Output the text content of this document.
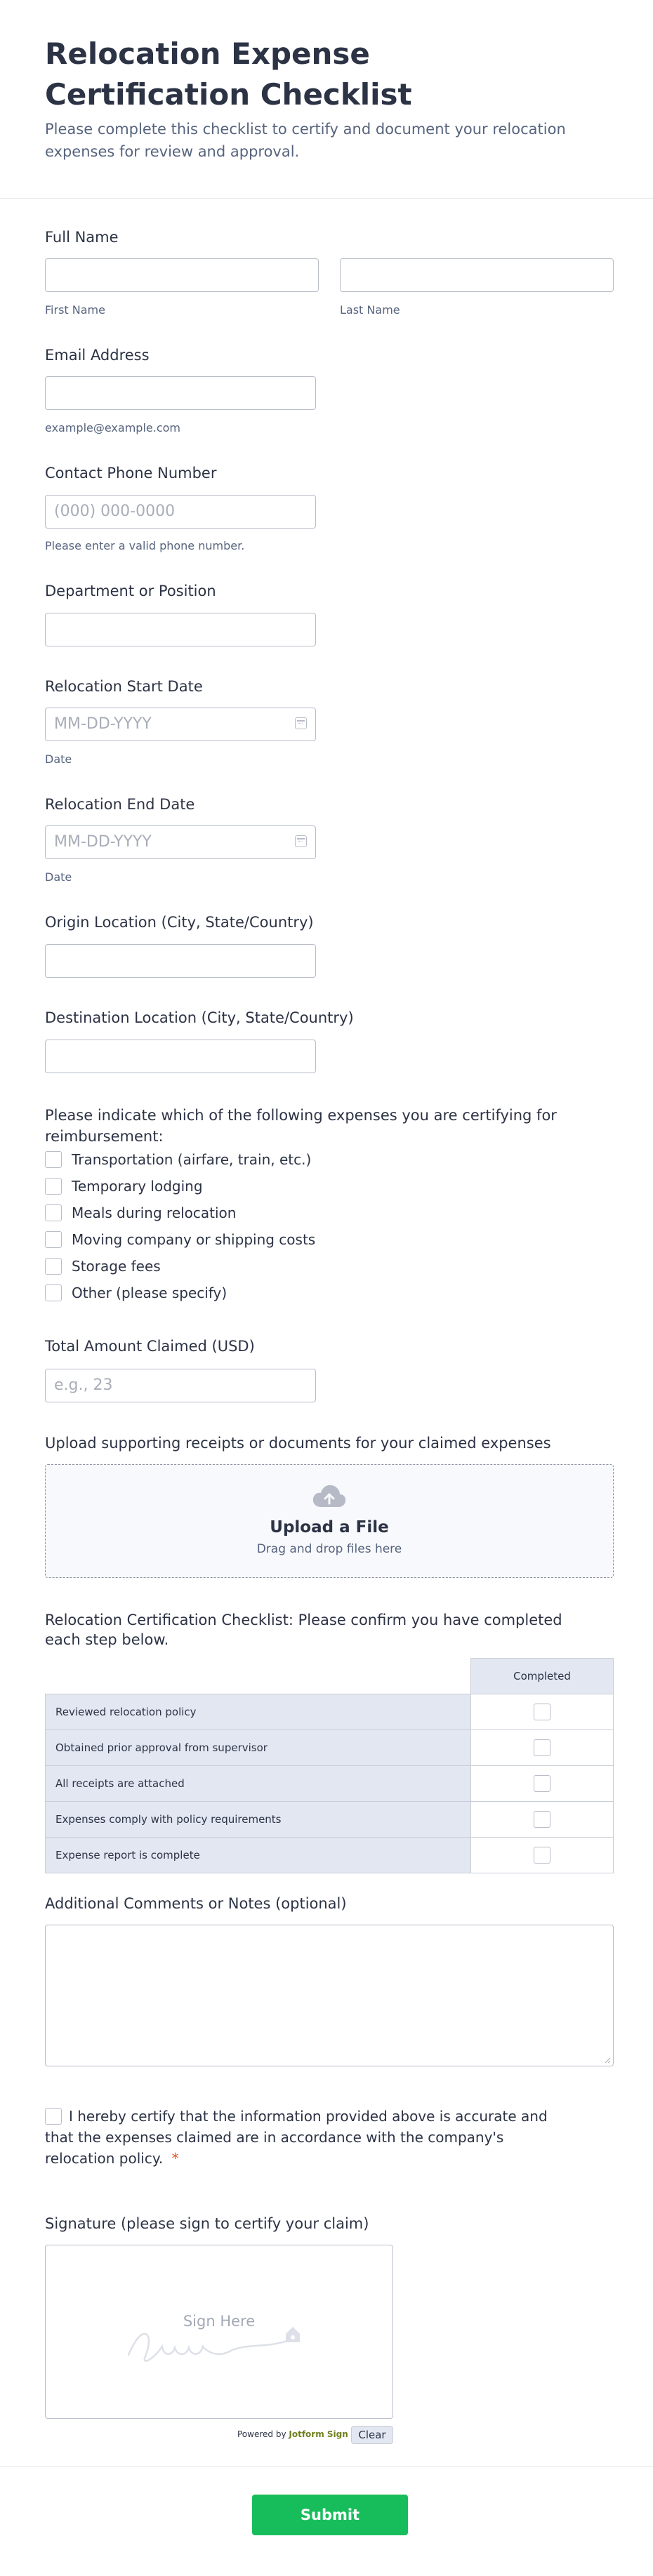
Relocation Expense Certification Checklist
Please complete this checklist to certify and document your relocation expenses for review and approval.
Full Name
First Name	Last Name
Email Address
example@example.com
Contact Phone Number
(000) 000-0000
Please enter a valid phone number.
Department or Position
Relocation Start Date
MM-DD-YYYY
Date
Relocation End Date
MM-DD-YYYY
Date
Origin Location (City, State/Country)
Destination Location (City, State/Country)
Please indicate which of the following expenses you are certifying for reimbursement:
Transportation (airfare, train, etc.)
Temporary lodging
Meals during relocation
Moving company or shipping costs
Storage fees
Other (please specify)
Total Amount Claimed (USD)
e.g., 23
Upload supporting receipts or documents for your claimed expenses
Upload a File
Drag and drop files here
Relocation Certification Checklist: Please confirm you have completed each step below.
	Completed
Reviewed relocation policy	
Obtained prior approval from supervisor	
All receipts are attached	
Expenses comply with policy requirements	
Expense report is complete	
Additional Comments or Notes (optional)
I hereby certify that the information provided above is accurate and that the expenses claimed are in accordance with the company's relocation policy. *
Signature (please sign to certify your claim)
Sign Here
Powered by Jotform Sign Clear
Submit Certification
